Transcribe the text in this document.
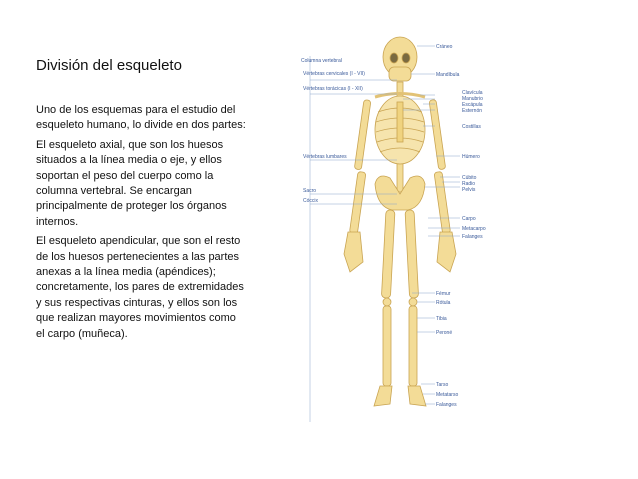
División del esqueleto

Uno de los esquemas para el estudio del esqueleto humano, lo divide en dos partes:

El esqueleto axial, que son los huesos situados a la línea media o eje, y ellos soportan el peso del cuerpo como la columna vertebral. Se encargan principalmente de proteger los órganos internos.

El esqueleto apendicular, que son el resto de los huesos pertenecientes a las partes anexas a la línea media (apéndices); concretamente, los pares de extremidades y sus respectivas cinturas, y ellos son los que realizan mayores movimientos como el carpo (muñeca).

Columna vertebral
Vértebras cervicales (I - VII)
Vértebras torácicas (I - XII)
Vértebras lumbares
Sacro
Cóccix
Cráneo
Mandíbula
Clavícula
Manubrio
Escápula
Esternón
Costillas
Húmero
Cúbito
Radio
Pelvis
Carpo
Metacarpo
Falanges
Fémur
Rótula
Tibia
Peroné
Tarso
Metatarso
Falanges
